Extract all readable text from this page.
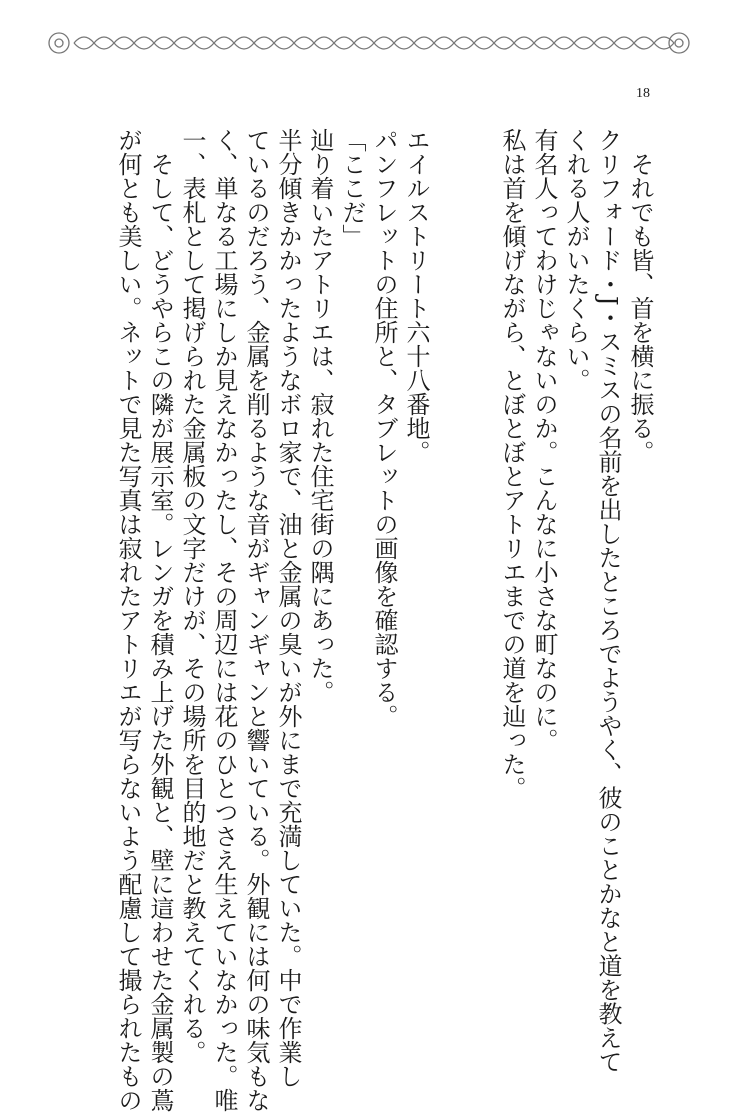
18
それでも皆、首を横に振る。
クリフォード・J・スミスの名前を出したところでようやく、彼のことかなと道を教えて
くれる人がいたくらい。
有名人ってわけじゃないのか。こんなに小さな町なのに。
私は首を傾げながら、とぼとぼとアトリエまでの道を辿った。
エイルストリート六十八番地。
パンフレットの住所と、タブレットの画像を確認する。
「ここだ」
辿り着いたアトリエは、寂れた住宅街の隅にあった。
半分傾きかかったようなボロ家で、油と金属の臭いが外にまで充満していた。中で作業し
ているのだろう、金属を削るような音がギャンギャンと響いている。外観には何の味気もな
く、単なる工場にしか見えなかったし、その周辺には花のひとつさえ生えていなかった。唯
一、表札として掲げられた金属板の文字だけが、その場所を目的地だと教えてくれる。
そして、どうやらこの隣が展示室。レンガを積み上げた外観と、壁に這わせた金属製の蔦
が何とも美しい。ネットで見た写真は寂れたアトリエが写らないよう配慮して撮られたもの
